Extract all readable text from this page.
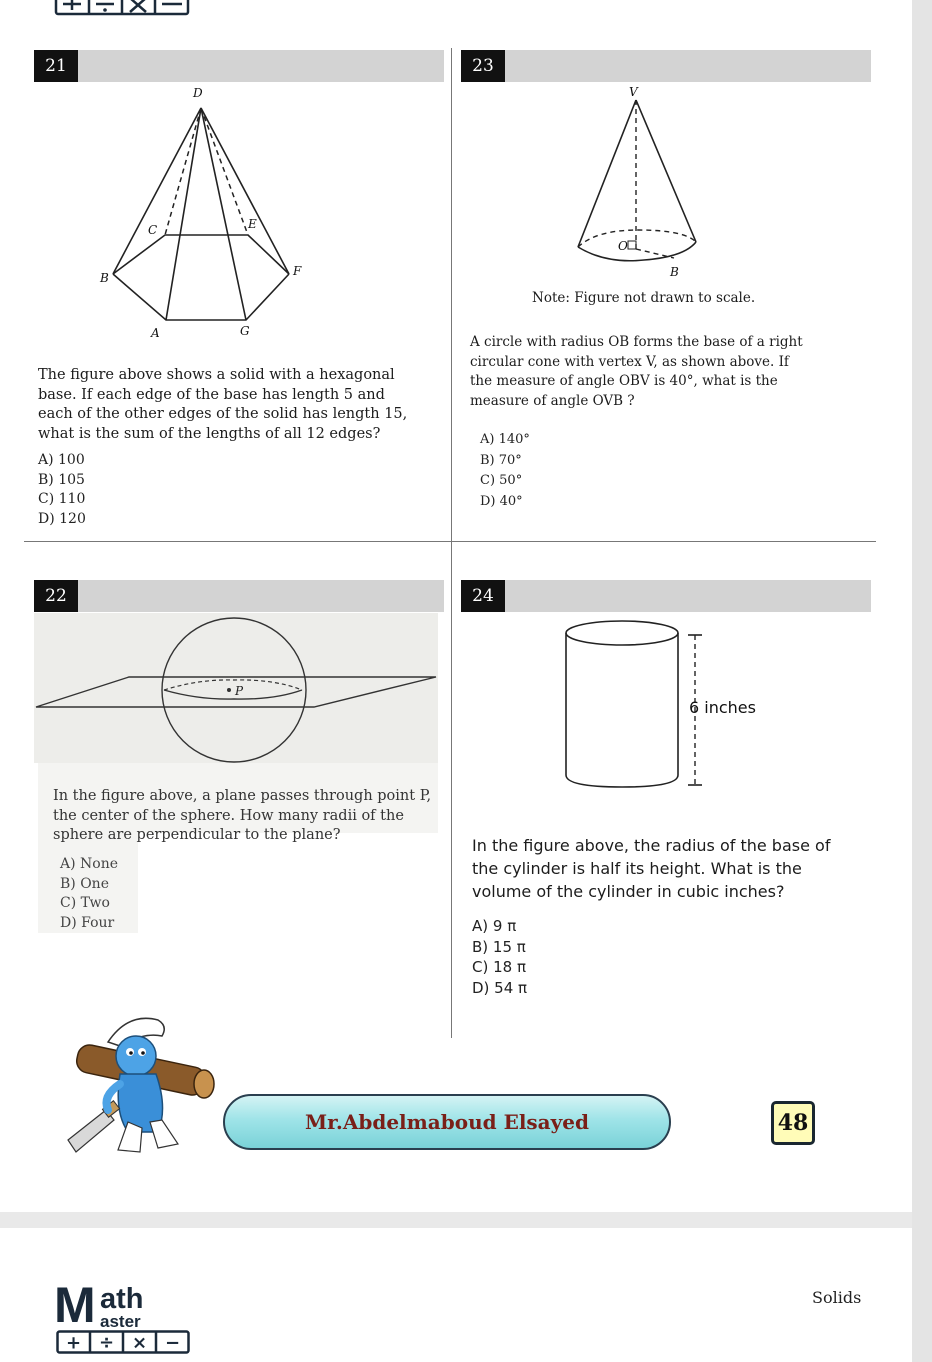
21
D
C	E
B	F
A	G
The figure above shows a solid with a hexagonal base. If each edge of the base has length 5 and each of the other edges of the solid has length 15, what is the sum of the lengths of all 12 edges?
A) 100
B) 105
C) 110
D) 120
23
V
O
B
Note: Figure not drawn to scale.
A circle with radius OB forms the base of a right circular cone with vertex V, as shown above. If the measure of angle OBV is 40°, what is the measure of angle OVB ?
A) 140°
B) 70°
C) 50°
D) 40°
22
P
In the figure above, a plane passes through point P, the center of the sphere. How many radii of the sphere are perpendicular to the plane?
A) None
B) One
C) Two
D) Four
24
6 inches
In the figure above, the radius of the base of the cylinder is half its height. What is the volume of the cylinder in cubic inches?
A) 9 π
B) 15 π
C) 18 π
D) 54 π
Mr.Abdelmaboud Elsayed	48
M ath
aster
+ ÷ × −
Solids
